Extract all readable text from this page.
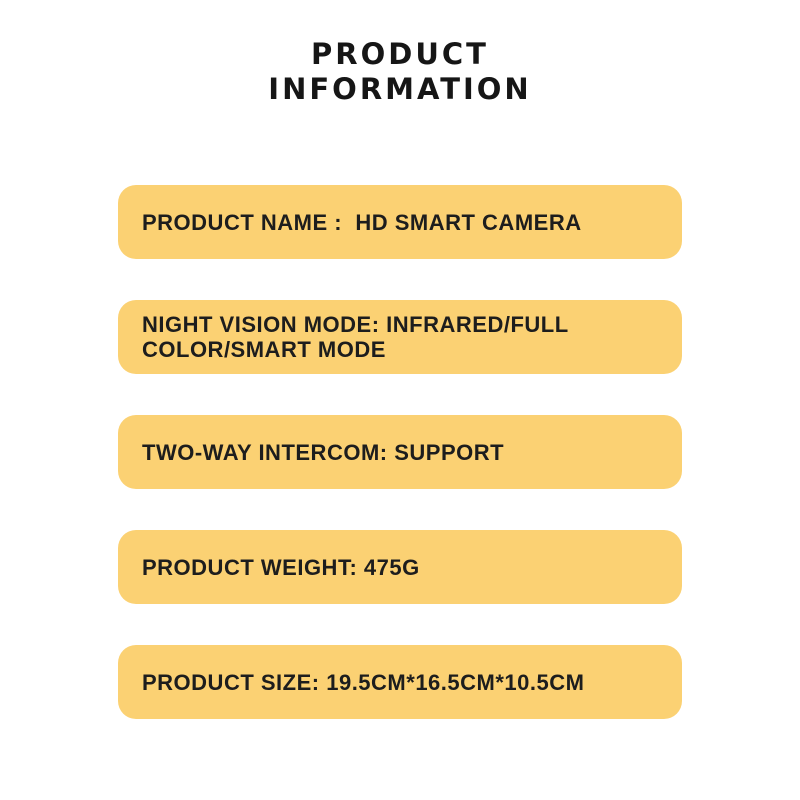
PRODUCT INFORMATION
PRODUCT NAME :  HD SMART CAMERA
NIGHT VISION MODE: INFRARED/FULL COLOR/SMART MODE
TWO-WAY INTERCOM: SUPPORT
PRODUCT WEIGHT: 475G
PRODUCT SIZE: 19.5CM*16.5CM*10.5CM
